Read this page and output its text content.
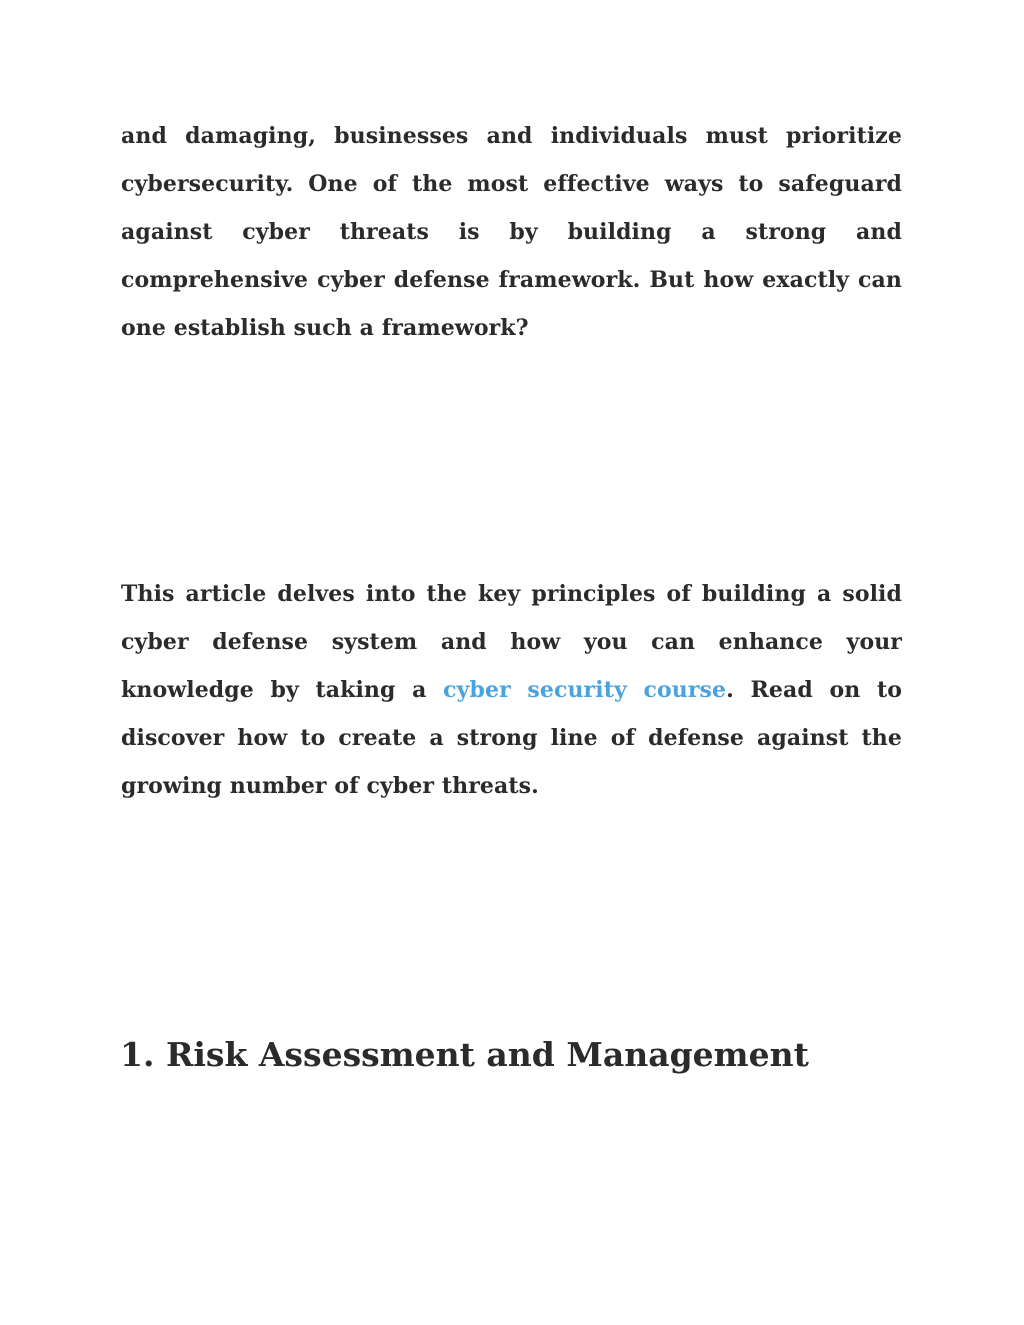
and damaging, businesses and individuals must prioritize cybersecurity. One of the most effective ways to safeguard against cyber threats is by building a strong and comprehensive cyber defense framework. But how exactly can one establish such a framework?

This article delves into the key principles of building a solid cyber defense system and how you can enhance your knowledge by taking a cyber security course. Read on to discover how to create a strong line of defense against the growing number of cyber threats.

1. Risk Assessment and Management
